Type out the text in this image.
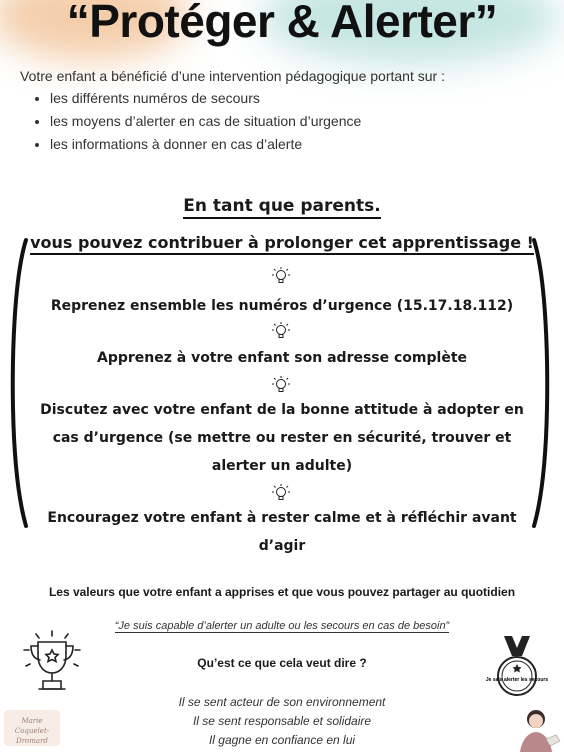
“Protéger & Alerter”

Votre enfant a bénéficié d’une intervention pédagogique portant sur :

• les différents numéros de secours
• les moyens d’alerter en cas de situation d’urgence
• les informations à donner en cas d’alerte
En tant que parents.
vous pouvez contribuer à prolonger cet apprentissage !
Reprenez ensemble les numéros d’urgence (15.17.18.112)
Apprenez à votre enfant son adresse complète
Discutez avec votre enfant de la bonne attitude à adopter en cas d’urgence (se mettre ou rester en sécurité, trouver et alerter un adulte)
Encouragez votre enfant à rester calme et à réfléchir avant d’agir
Les valeurs que votre enfant a apprises et que vous pouvez partager au quotidien
“Je suis capable d’alerter un adulte ou les secours en cas de besoin”
Qu’est ce que cela veut dire ?
Il se sent acteur de son environnement
Il se sent responsable et solidaire
Il gagne en confiance en lui
Je sais alerter les secours
Marie
Coquelet-Dromard
